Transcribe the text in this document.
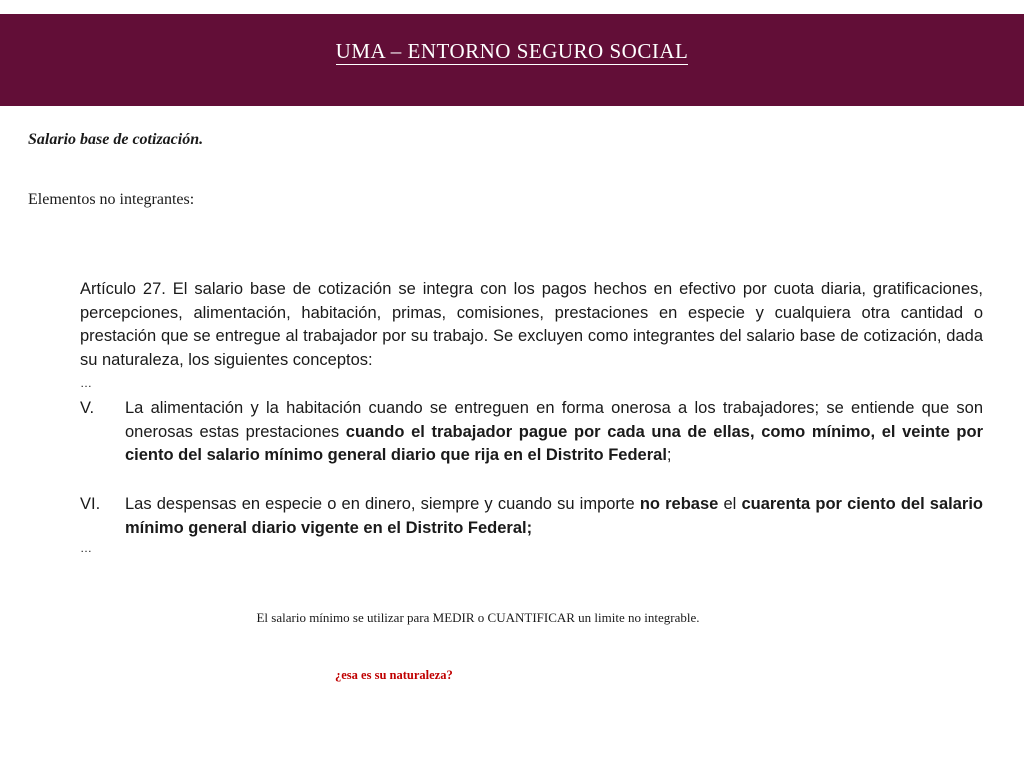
UMA – ENTORNO SEGURO SOCIAL
Salario base de cotización.
Elementos no integrantes:
Artículo 27. El salario base de cotización se integra con los pagos hechos en efectivo por cuota diaria, gratificaciones, percepciones, alimentación, habitación, primas, comisiones, prestaciones en especie y cualquiera otra cantidad o prestación que se entregue al trabajador por su trabajo. Se excluyen como integrantes del salario base de cotización, dada su naturaleza, los siguientes conceptos:
…
V. La alimentación y la habitación cuando se entreguen en forma onerosa a los trabajadores; se entiende que son onerosas estas prestaciones cuando el trabajador pague por cada una de ellas, como mínimo, el veinte por ciento del salario mínimo general diario que rija en el Distrito Federal;
VI. Las despensas en especie o en dinero, siempre y cuando su importe no rebase el cuarenta por ciento del salario mínimo general diario vigente en el Distrito Federal;
…
El salario mínimo se utilizar para MEDIR o CUANTIFICAR un limite no integrable.
¿esa es su naturaleza?
